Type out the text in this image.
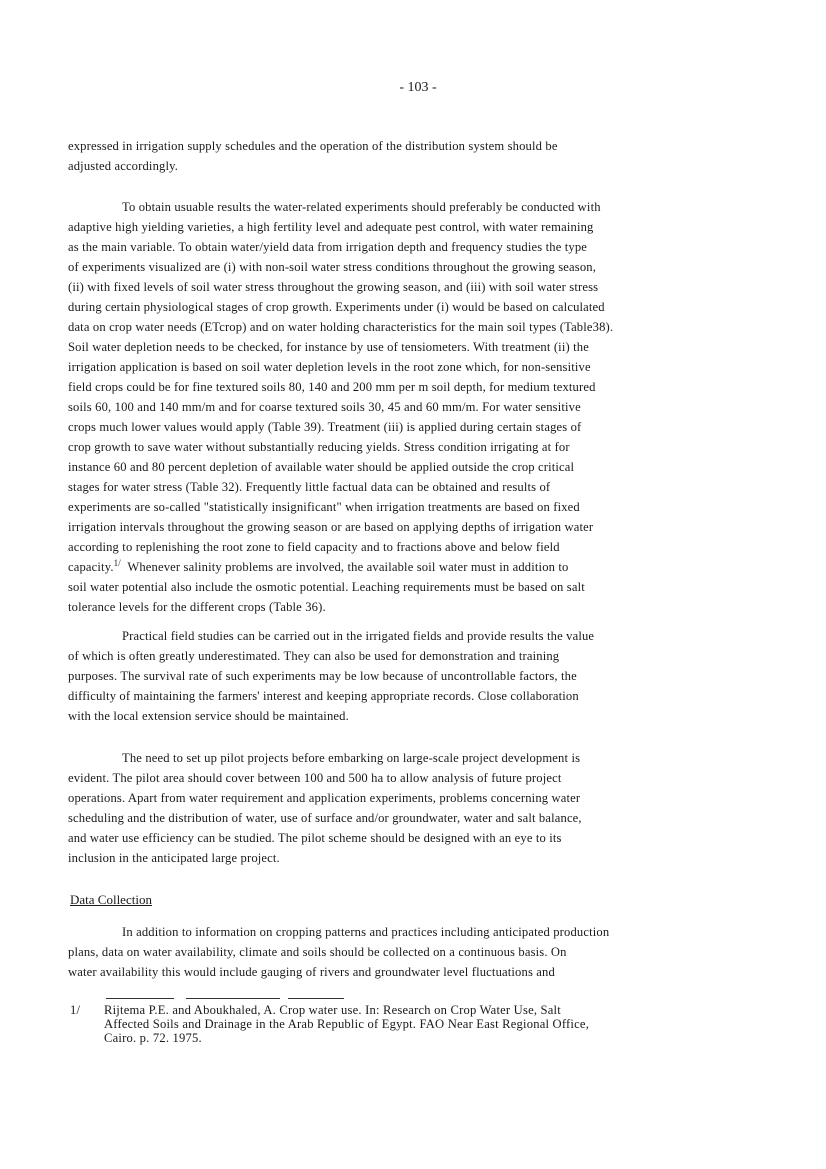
- 103 -
expressed in irrigation supply schedules and the operation of the distribution system should be
adjusted accordingly.
To obtain usuable results the water-related experiments should preferably be conducted with
adaptive high yielding varieties, a high fertility level and adequate pest control, with water remaining
as the main variable. To obtain water/yield data from irrigation depth and frequency studies the type
of experiments visualized are (i) with non-soil water stress conditions throughout the growing season,
(ii) with fixed levels of soil water stress throughout the growing season, and (iii) with soil water stress
during certain physiological stages of crop growth. Experiments under (i) would be based on calculated
data on crop water needs (ETcrop) and on water holding characteristics for the main soil types (Table38).
Soil water depletion needs to be checked, for instance by use of tensiometers. With treatment (ii) the
irrigation application is based on soil water depletion levels in the root zone which, for non-sensitive
field crops could be for fine textured soils 80, 140 and 200 mm per m soil depth, for medium textured
soils 60, 100 and 140 mm/m and for coarse textured soils 30, 45 and 60 mm/m. For water sensitive
crops much lower values would apply (Table 39). Treatment (iii) is applied during certain stages of
crop growth to save water without substantially reducing yields. Stress condition irrigating at for
instance 60 and 80 percent depletion of available water should be applied outside the crop critical
stages for water stress (Table 32). Frequently little factual data can be obtained and results of
experiments are so-called "statistically insignificant" when irrigation treatments are based on fixed
irrigation intervals throughout the growing season or are based on applying depths of irrigation water
according to replenishing the root zone to field capacity and to fractions above and below field
capacity.$^{1/}$  Whenever salinity problems are involved, the available soil water must in addition to
soil water potential also include the osmotic potential. Leaching requirements must be based on salt
tolerance levels for the different crops (Table 36).
Practical field studies can be carried out in the irrigated fields and provide results the value
of which is often greatly underestimated. They can also be used for demonstration and training
purposes. The survival rate of such experiments may be low because of uncontrollable factors, the
difficulty of maintaining the farmers' interest and keeping appropriate records. Close collaboration
with the local extension service should be maintained.
The need to set up pilot projects before embarking on large-scale project development is
evident. The pilot area should cover between 100 and 500 ha to allow analysis of future project
operations. Apart from water requirement and application experiments, problems concerning water
scheduling and the distribution of water, use of surface and/or groundwater, water and salt balance,
and water use efficiency can be studied. The pilot scheme should be designed with an eye to its
inclusion in the anticipated large project.
Data Collection
In addition to information on cropping patterns and practices including anticipated production
plans, data on water availability, climate and soils should be collected on a continuous basis. On
water availability this would include gauging of rivers and groundwater level fluctuations and
1/ Rijtema P.E. and Aboukhaled, A. Crop water use. In: Research on Crop Water Use, Salt
Affected Soils and Drainage in the Arab Republic of Egypt. FAO Near East Regional Office,
Cairo. p. 72. 1975.
